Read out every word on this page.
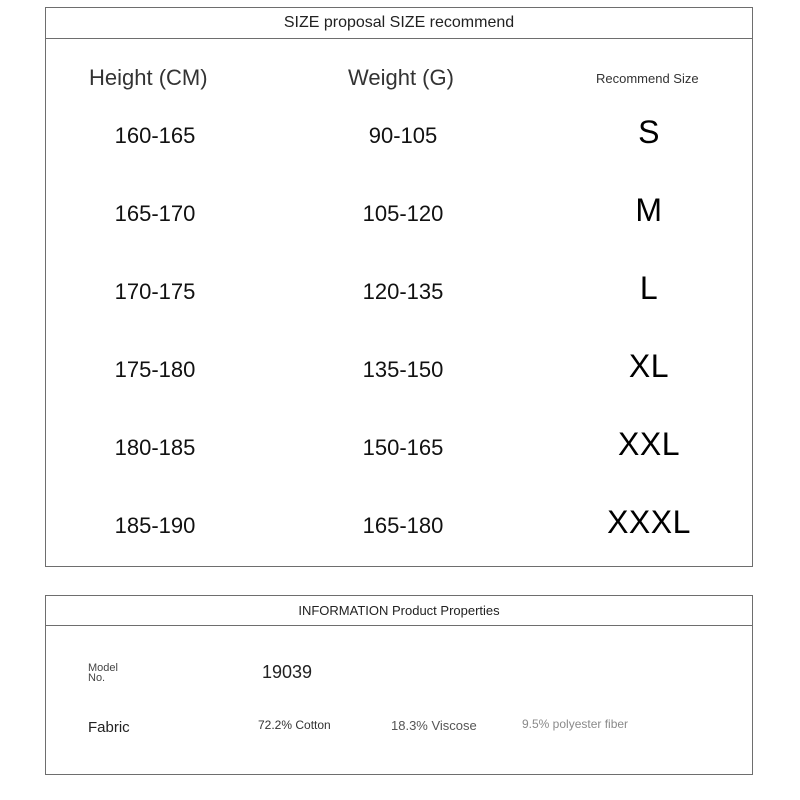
SIZE proposal SIZE recommend
Height (CM)	Weight (G)	Recommend Size
160-165	90-105	S
165-170	105-120	M
170-175	120-135	L
175-180	135-150	XL
180-185	150-165	XXL
185-190	165-180	XXXL
INFORMATION Product Properties
Model
No.	19039
Fabric	72.2% Cotton	18.3% Viscose	9.5% polyester fiber
